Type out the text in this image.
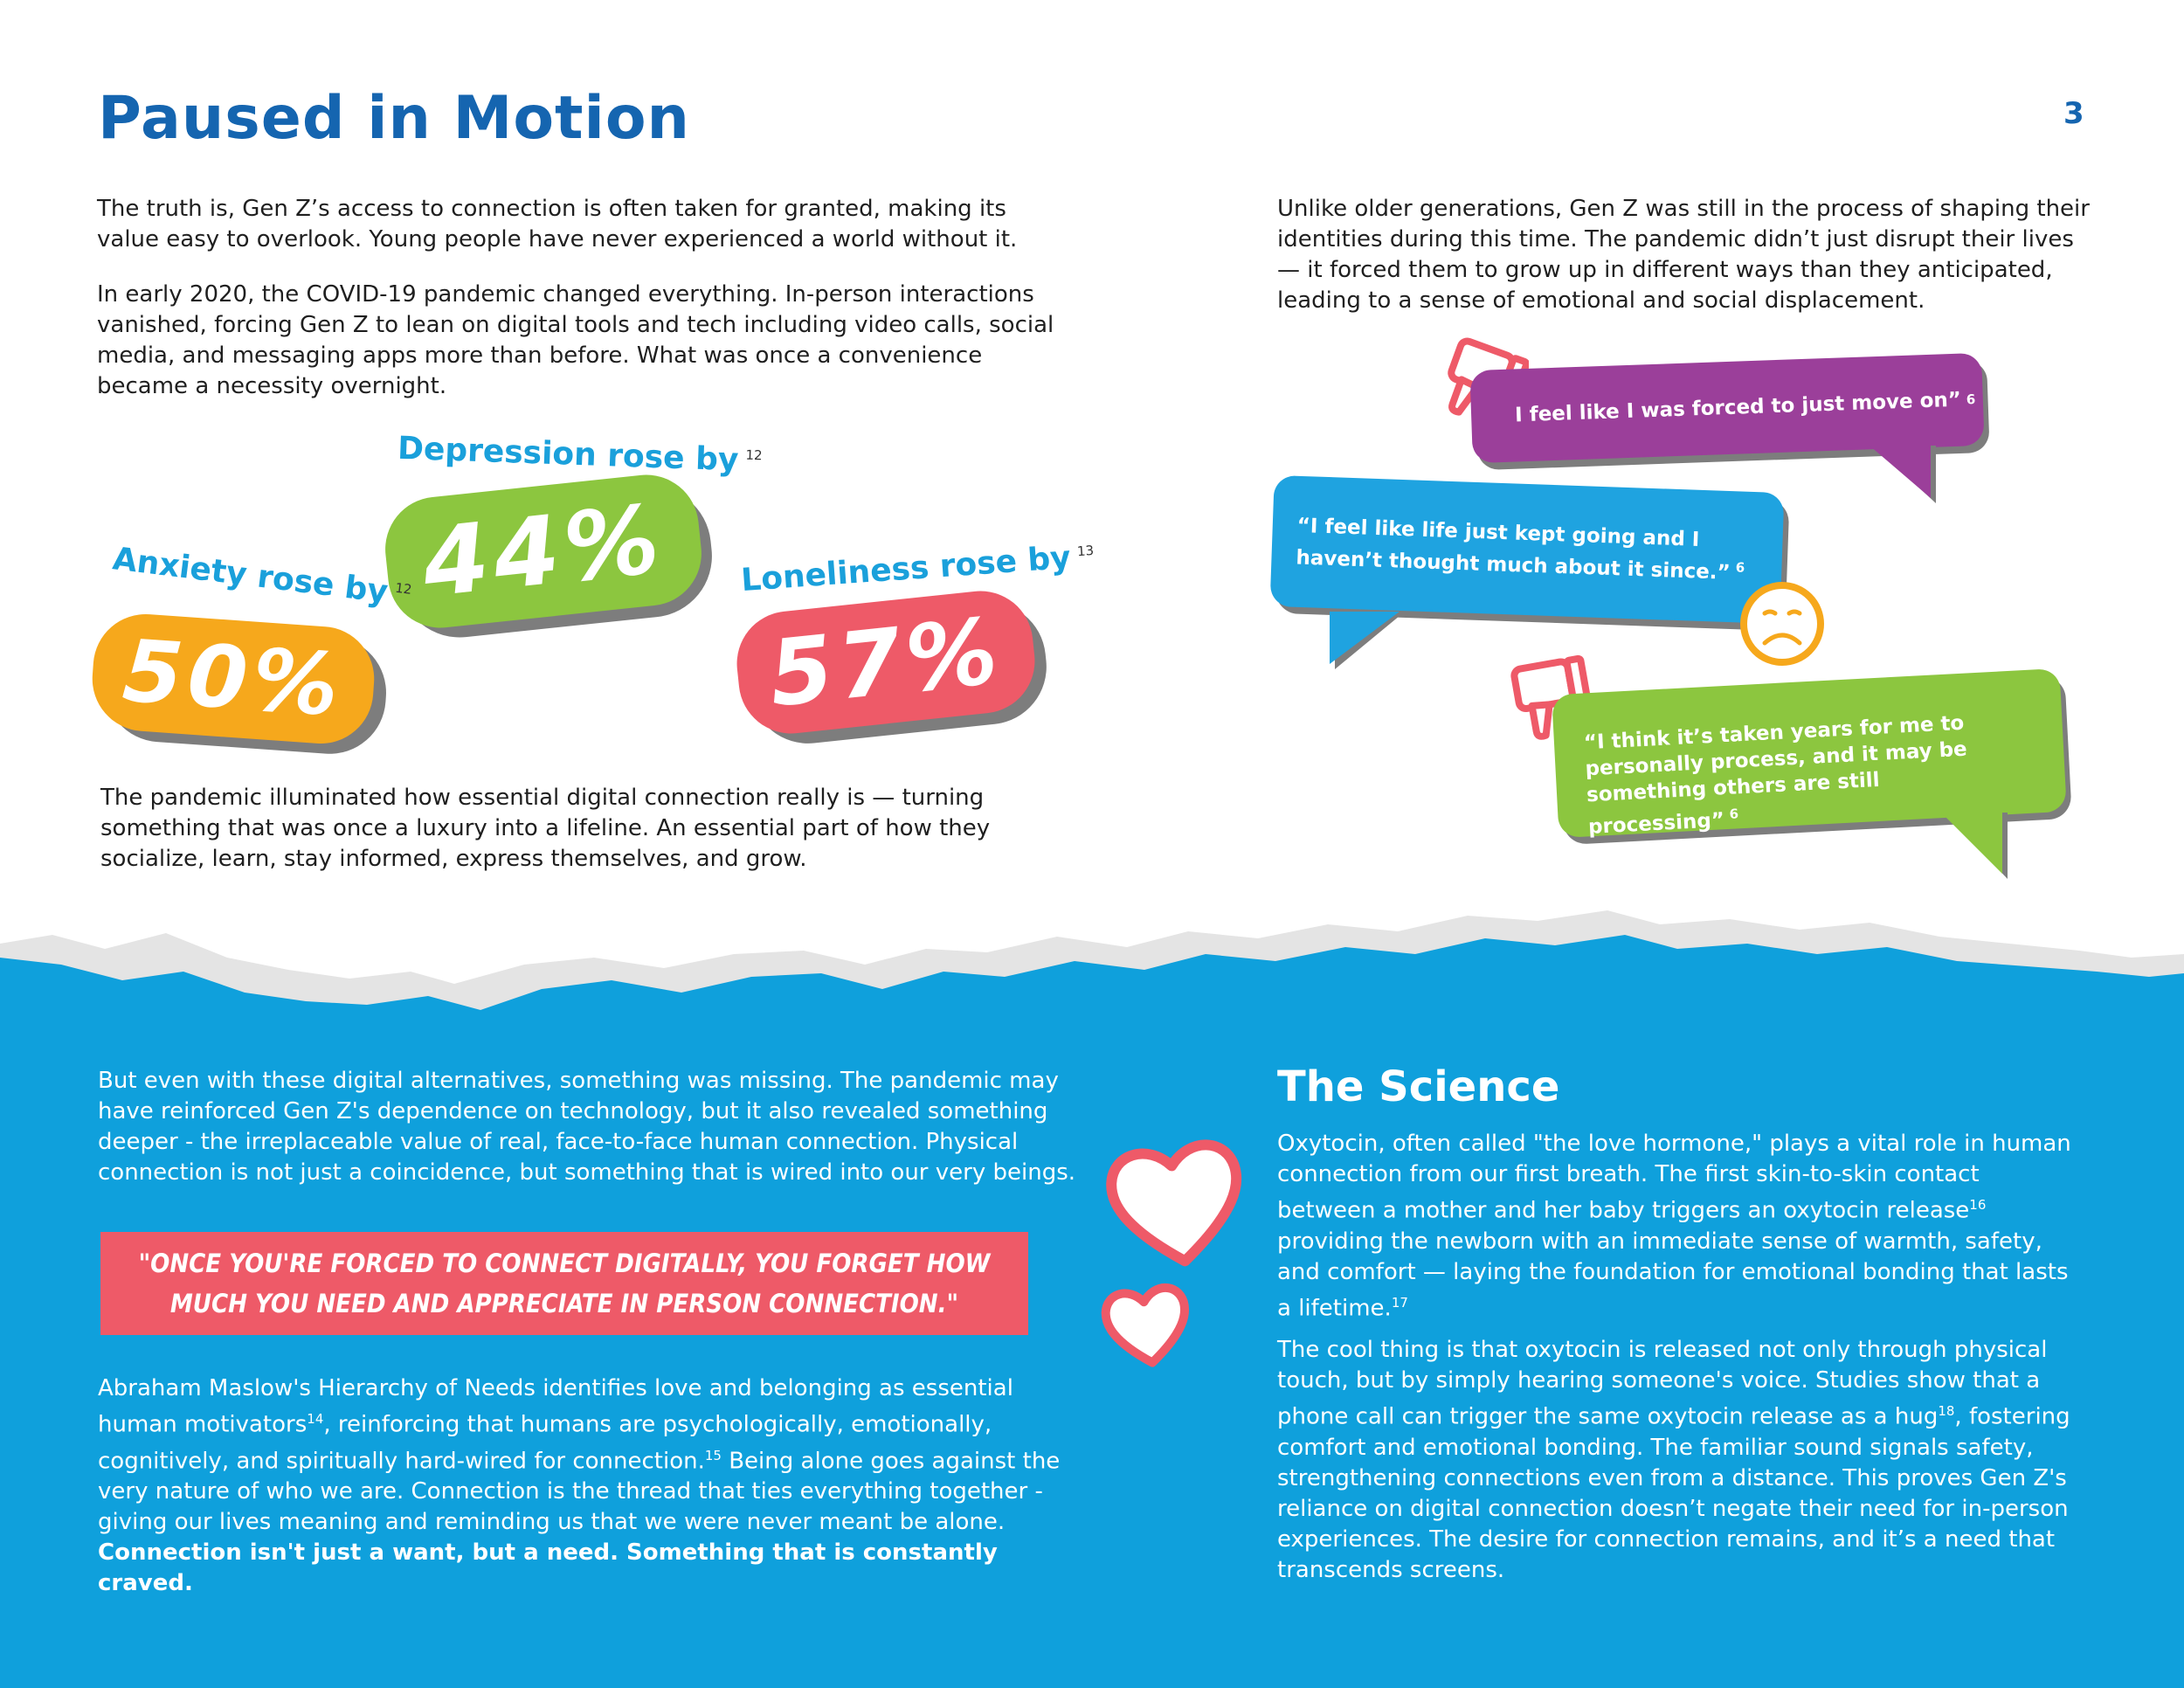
Paused in Motion	3

The truth is, Gen Z’s access to connection is often taken for granted, making its value easy to overlook. Young people have never experienced a world without it.

In early 2020, the COVID-19 pandemic changed everything. In-person interactions vanished, forcing Gen Z to lean on digital tools and tech including video calls, social media, and messaging apps more than before. What was once a convenience became a necessity overnight.

Unlike older generations, Gen Z was still in the process of shaping their identities during this time. The pandemic didn’t just disrupt their lives — it forced them to grow up in different ways than they anticipated, leading to a sense of emotional and social displacement.

Depression rose by $^{12}$
44%
Anxiety rose by $^{12}$
50%
Loneliness rose by $^{13}$
57%

The pandemic illuminated how essential digital connection really is — turning something that was once a luxury into a lifeline. An essential part of how they socialize, learn, stay informed, express themselves, and grow.

I feel like I was forced to just move on” 6
“I feel like life just kept going and I haven’t thought much about it since.” $^6$
“I think it’s taken years for me to personally process, and it may be something others are still processing” $^6$

But even with these digital alternatives, something was missing. The pandemic may have reinforced Gen Z's dependence on technology, but it also revealed something deeper - the irreplaceable value of real, face-to-face human connection. Physical connection is not just a coincidence, but something that is wired into our very beings.

"ONCE YOU'RE FORCED TO CONNECT DIGITALLY, YOU FORGET HOW MUCH YOU NEED AND APPRECIATE IN PERSON CONNECTION."

Abraham Maslow's Hierarchy of Needs identifies love and belonging as essential human motivators$^{14}$, reinforcing that humans are psychologically, emotionally, cognitively, and spiritually hard-wired for connection.$^{15}$ Being alone goes against the very nature of who we are. Connection is the thread that ties everything together - giving our lives meaning and reminding us that we were never meant be alone.
Connection isn't just a want, but a need. Something that is constantly craved.

The Science

Oxytocin, often called "the love hormone," plays a vital role in human connection from our first breath. The first skin-to-skin contact between a mother and her baby triggers an oxytocin release$^{16}$ providing the newborn with an immediate sense of warmth, safety, and comfort — laying the foundation for emotional bonding that lasts a lifetime.$^{17}$

The cool thing is that oxytocin is released not only through physical touch, but by simply hearing someone's voice. Studies show that a phone call can trigger the same oxytocin release as a hug$^{18}$, fostering comfort and emotional bonding. The familiar sound signals safety, strengthening connections even from a distance. This proves Gen Z's reliance on digital connection doesn’t negate their need for in-person experiences. The desire for connection remains, and it’s a need that transcends screens.
